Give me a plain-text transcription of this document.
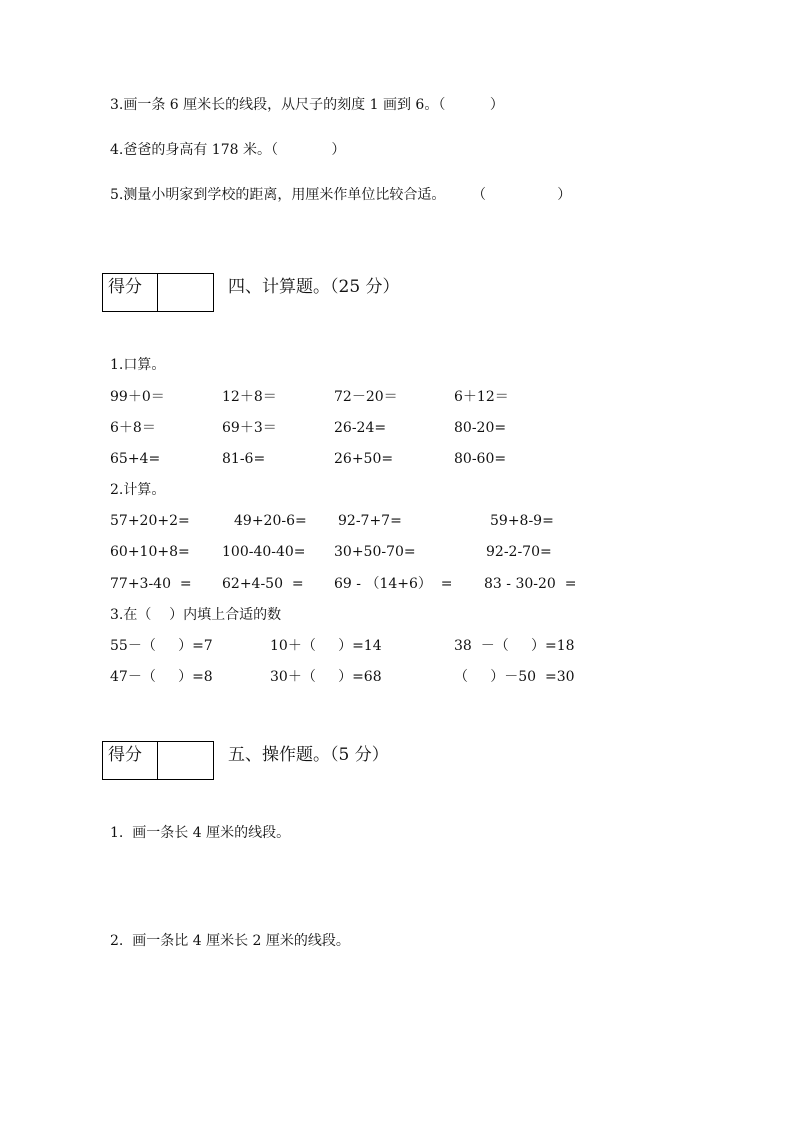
3.画一条 6 厘米长的线段，从尺子的刻度 1 画到 6。（          ）
4.爸爸的身高有 178 米。（            ）
5.测量小明家到学校的距离，用厘米作单位比较合适。      （                ）
得分	四、计算题。（25 分）
1.口算。
99＋0＝	12＋8＝	72－20＝	6＋12＝
6＋8＝	69＋3＝	26-24=	80-20=
65+4=	81-6=	26+50=	80-60=
2.计算。
57+20+2=	49+20-6= 92-7+7=	59+8-9=
60+10+8= 100-40-40= 30+50-70=	92-2-70=
77+3-40  = 62+4-50  = 69 - （14+6）  = 83 - 30-20  =
3.在（    ）内填上合适的数
55－（     ）=7	10＋（     ）=14	38  －（     ）=18
47－（     ）=8	30＋（     ）=68	（     ）－50  =30
得分	五、操作题。（5 分）
1.  画一条长 4 厘米的线段。
2.  画一条比 4 厘米长 2 厘米的线段。
